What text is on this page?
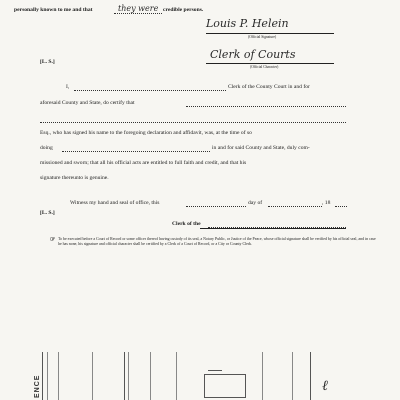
personally known to me and that	they were credible persons.
Louis P. Helein
(Official Signature)
[L. S.]
Clerk of Courts
(Official Character)
I,	Clerk of the County Court in and for
aforesaid County and State, do certify that
Esq., who has signed his name to the foregoing declaration and affidavit, was, at the time of so
doing	in and for said County and State, duly com-
missioned and sworn; that all his official acts are entitled to full faith and credit, and that his
signature thereunto is genuine.
Witness my hand and seal of office, this	day of	, 18
[L. S.]
Clerk of the
☞ To be executed before a Court of Record or some officer thereof having custody of its seal, a Notary Public, or Justice of the Peace, whose official signature shall be verified by his official seal, and in case he has none, his signature and official character shall be certified by a Clerk of a Court of Record, or a City or County Clerk.
ENCE	ℓ
